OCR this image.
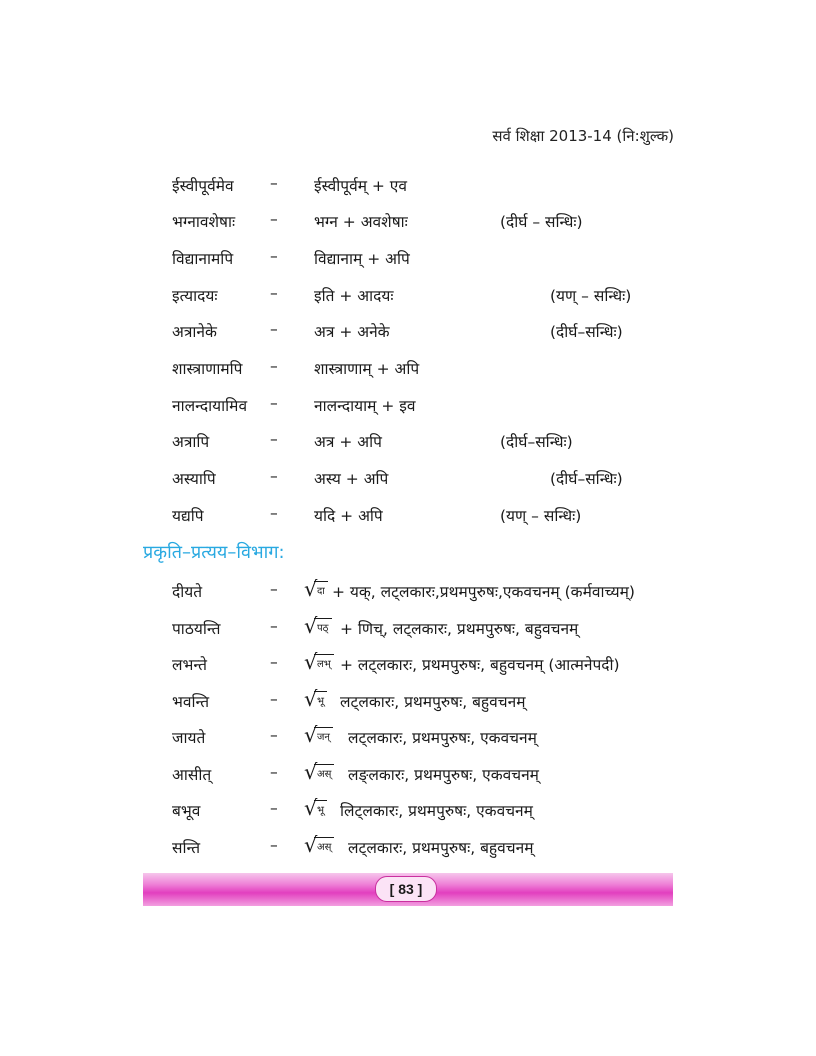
सर्व शिक्षा 2013-14 (नि:शुल्क)
ईस्वीपूर्वमेव – ईस्वीपूर्वम् + एव
भग्नावशेषाः – भग्न + अवशेषाः	(दीर्घ – सन्धिः)
विद्यानामपि – विद्यानाम् + अपि
इत्यादयः	– इति + आदयः	(यण् – सन्धिः)
अत्रानेके	– अत्र + अनेके	(दीर्घ–सन्धिः)
शास्त्राणामपि – शास्त्राणाम् + अपि
नालन्दायामिव – नालन्दायाम् + इव
अत्रापि	– अत्र + अपि	(दीर्घ–सन्धिः)
अस्यापि	– अस्य + अपि	(दीर्घ–सन्धिः)
यद्यपि	– यदि + अपि	(यण् – सन्धिः)
प्रकृति–प्रत्यय–विभाग:
दीयते	– √ दा + यक्, लट्लकारः,प्रथमपुरुषः,एकवचनम् (कर्मवाच्यम्)
पाठयन्ति	– √ पठ् + णिच्, लट्लकारः, प्रथमपुरुषः, बहुवचनम्
लभन्ते	– √ लभ् + लट्लकारः, प्रथमपुरुषः, बहुवचनम् (आत्मनेपदी)
भवन्ति	– √ भू लट्लकारः, प्रथमपुरुषः, बहुवचनम्
जायते	– √ जन् लट्लकारः, प्रथमपुरुषः, एकवचनम्
आसीत्	– √ अस् लङ्लकारः, प्रथमपुरुषः, एकवचनम्
बभूव	– √ भू लिट्लकारः, प्रथमपुरुषः, एकवचनम्
सन्ति	– √ अस् लट्लकारः, प्रथमपुरुषः, बहुवचनम्
[ 83 ]
